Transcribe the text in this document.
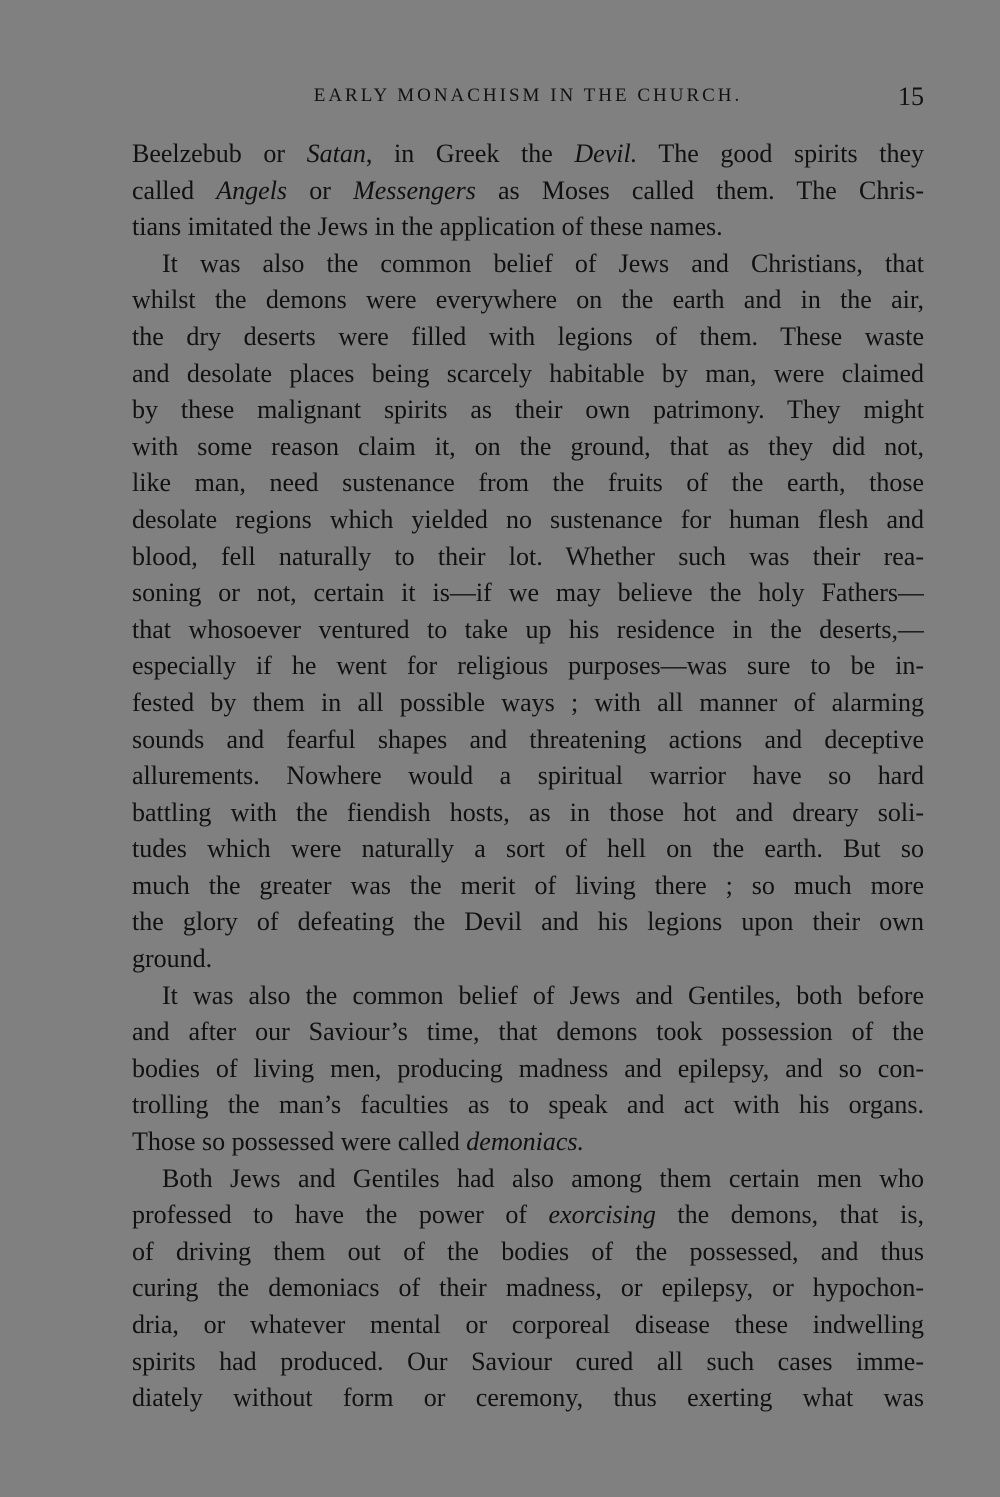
EARLY MONACHISM IN THE CHURCH.	15
Beelzebub or Satan, in Greek the Devil. The good spirits they
called Angels or Messengers as Moses called them. The Chris-
tians imitated the Jews in the application of these names.
It was also the common belief of Jews and Christians, that
whilst the demons were everywhere on the earth and in the air,
the dry deserts were filled with legions of them. These waste
and desolate places being scarcely habitable by man, were claimed
by these malignant spirits as their own patrimony. They might
with some reason claim it, on the ground, that as they did not,
like man, need sustenance from the fruits of the earth, those
desolate regions which yielded no sustenance for human flesh and
blood, fell naturally to their lot. Whether such was their rea-
soning or not, certain it is—if we may believe the holy Fathers—
that whosoever ventured to take up his residence in the deserts,—
especially if he went for religious purposes—was sure to be in-
fested by them in all possible ways ; with all manner of alarming
sounds and fearful shapes and threatening actions and deceptive
allurements. Nowhere would a spiritual warrior have so hard
battling with the fiendish hosts, as in those hot and dreary soli-
tudes which were naturally a sort of hell on the earth. But so
much the greater was the merit of living there ; so much more
the glory of defeating the Devil and his legions upon their own
ground.
It was also the common belief of Jews and Gentiles, both before
and after our Saviour’s time, that demons took possession of the
bodies of living men, producing madness and epilepsy, and so con-
trolling the man’s faculties as to speak and act with his organs.
Those so possessed were called demoniacs.
Both Jews and Gentiles had also among them certain men who
professed to have the power of exorcising the demons, that is,
of driving them out of the bodies of the possessed, and thus
curing the demoniacs of their madness, or epilepsy, or hypochon-
dria, or whatever mental or corporeal disease these indwelling
spirits had produced. Our Saviour cured all such cases imme-
diately without form or ceremony, thus exerting what was
